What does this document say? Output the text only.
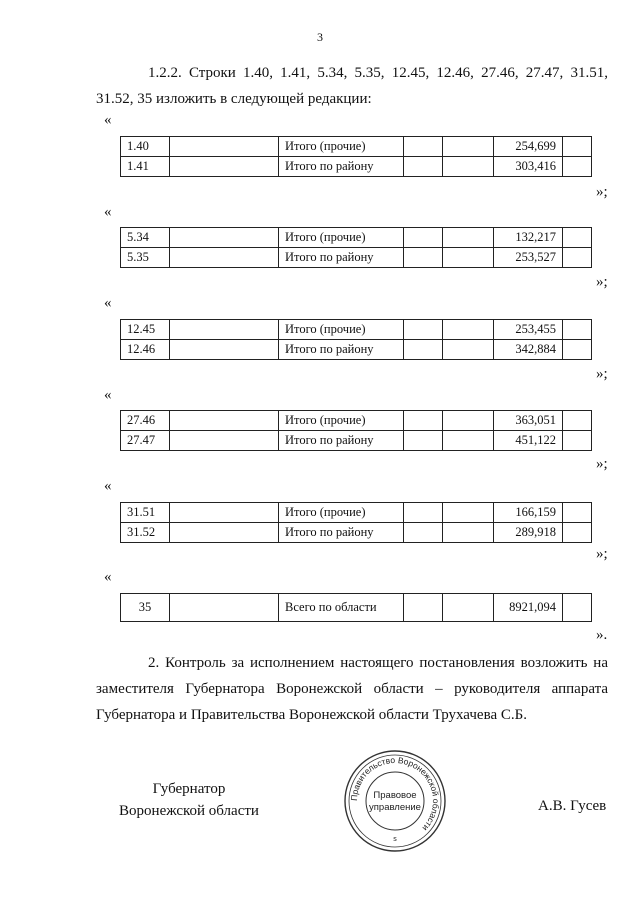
3
1.2.2. Строки 1.40, 1.41, 5.34, 5.35, 12.45, 12.46, 27.46, 27.47, 31.51, 31.52, 35 изложить в следующей редакции:
«
1.40		Итого (прочие)			254,699	
1.41		Итого по району			303,416	
»;
«
5.34		Итого (прочие)			132,217	
5.35		Итого по району			253,527	
»;
«
12.45		Итого (прочие)			253,455	
12.46		Итого по району			342,884	
»;
«
27.46		Итого (прочие)			363,051	
27.47		Итого по району			451,122	
»;
«
31.51		Итого (прочие)			166,159	
31.52		Итого по району			289,918	
»;
«
35		Всего по области			8921,094	
».
2. Контроль за исполнением настоящего постановления возложить на заместителя Губернатора Воронежской области – руководителя аппарата Губернатора и Правительства Воронежской области Трухачева С.Б.
Губернатор
Воронежской области
Правительство Воронежской области
Правовое
управление
s
А.В. Гусев
